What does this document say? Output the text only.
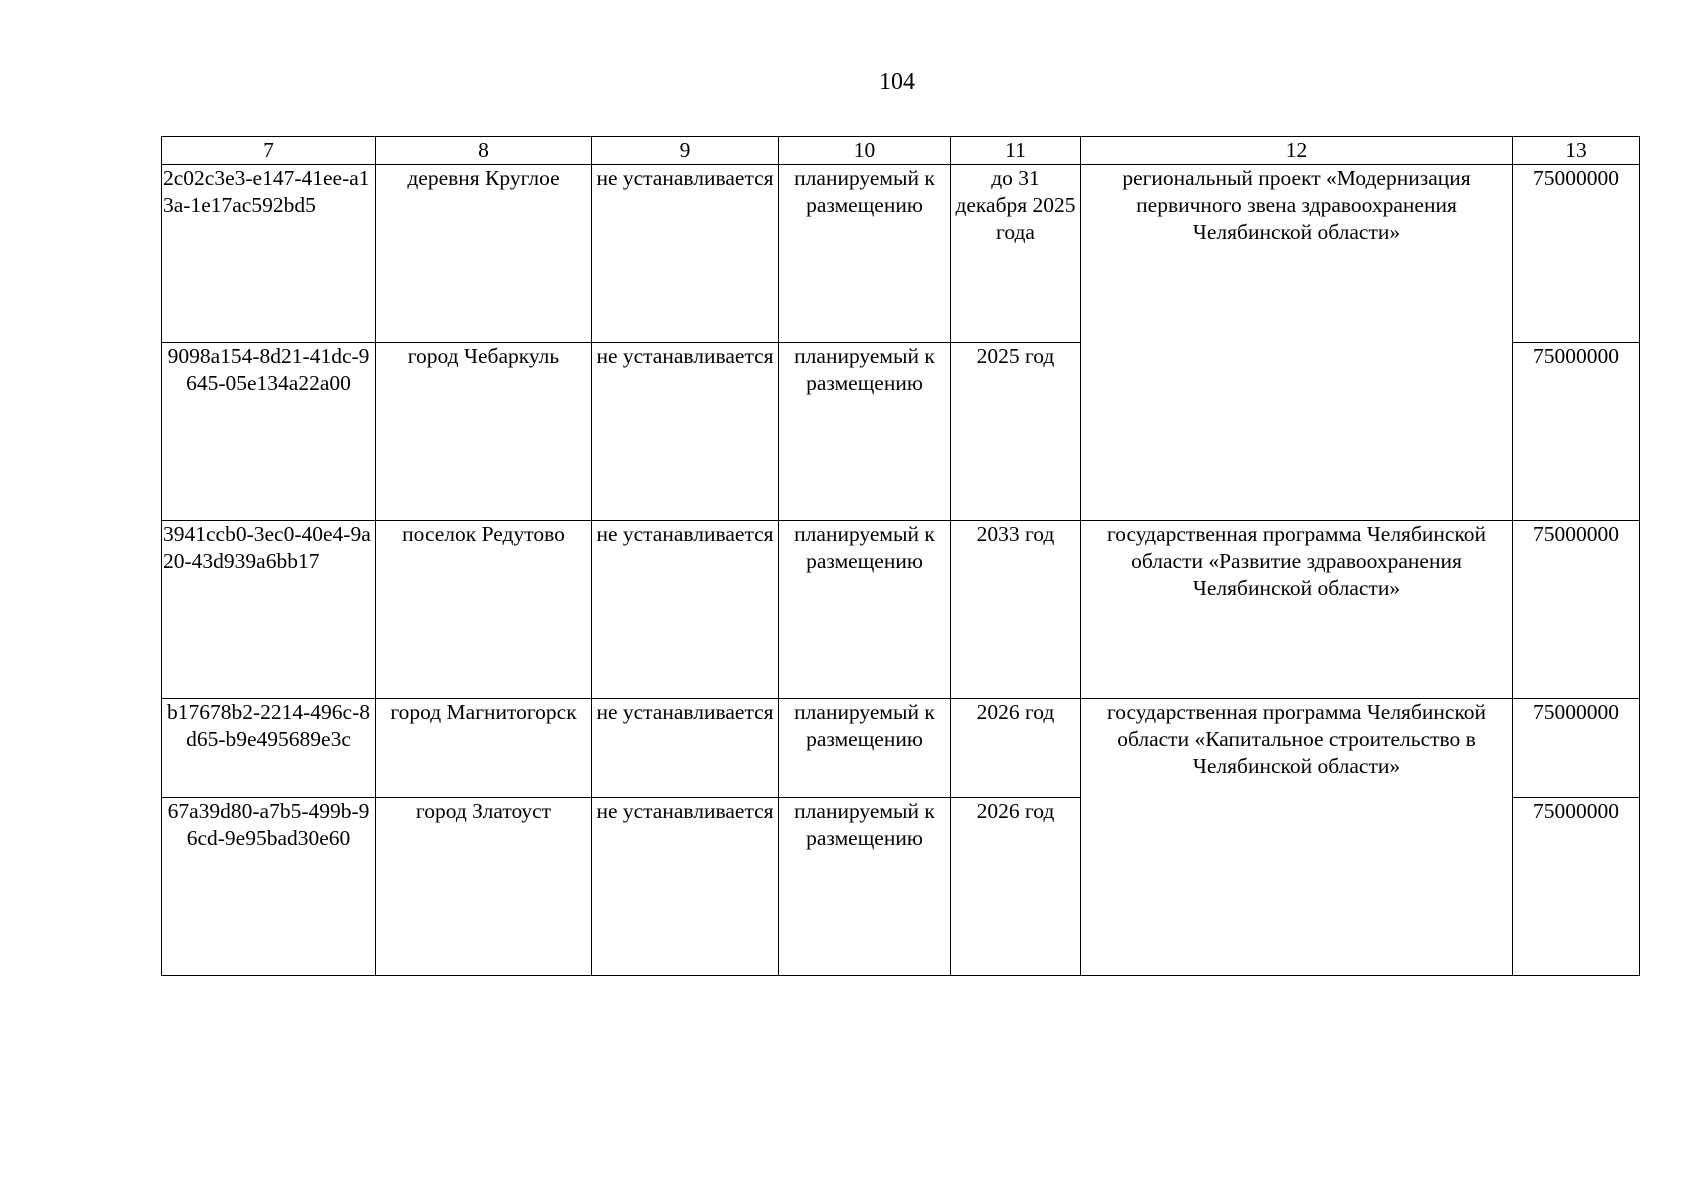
104
7	8	9	10	11	12	13
2c02c3e3-e147-41ee-a13a-1e17ac592bd5	деревня Круглое	не устанавливается	планируемый к размещению	до 31 декабря 2025 года	региональный проект «Модернизация первичного звена здравоохранения Челябинской области»	75000000
9098a154-8d21-41dc-9645-05e134a22a00	город Чебаркуль	не устанавливается	планируемый к размещению	2025 год		75000000
3941ccb0-3ec0-40e4-9a20-43d939a6bb17	поселок Редутово	не устанавливается	планируемый к размещению	2033 год	государственная программа Челябинской области «Развитие здравоохранения Челябинской области»	75000000
b17678b2-2214-496c-8d65-b9e495689e3c	город Магнитогорск	не устанавливается	планируемый к размещению	2026 год	государственная программа Челябинской области «Капитальное строительство в Челябинской области»	75000000
67a39d80-a7b5-499b-96cd-9e95bad30e60	город Златоуст	не устанавливается	планируемый к размещению	2026 год		75000000
